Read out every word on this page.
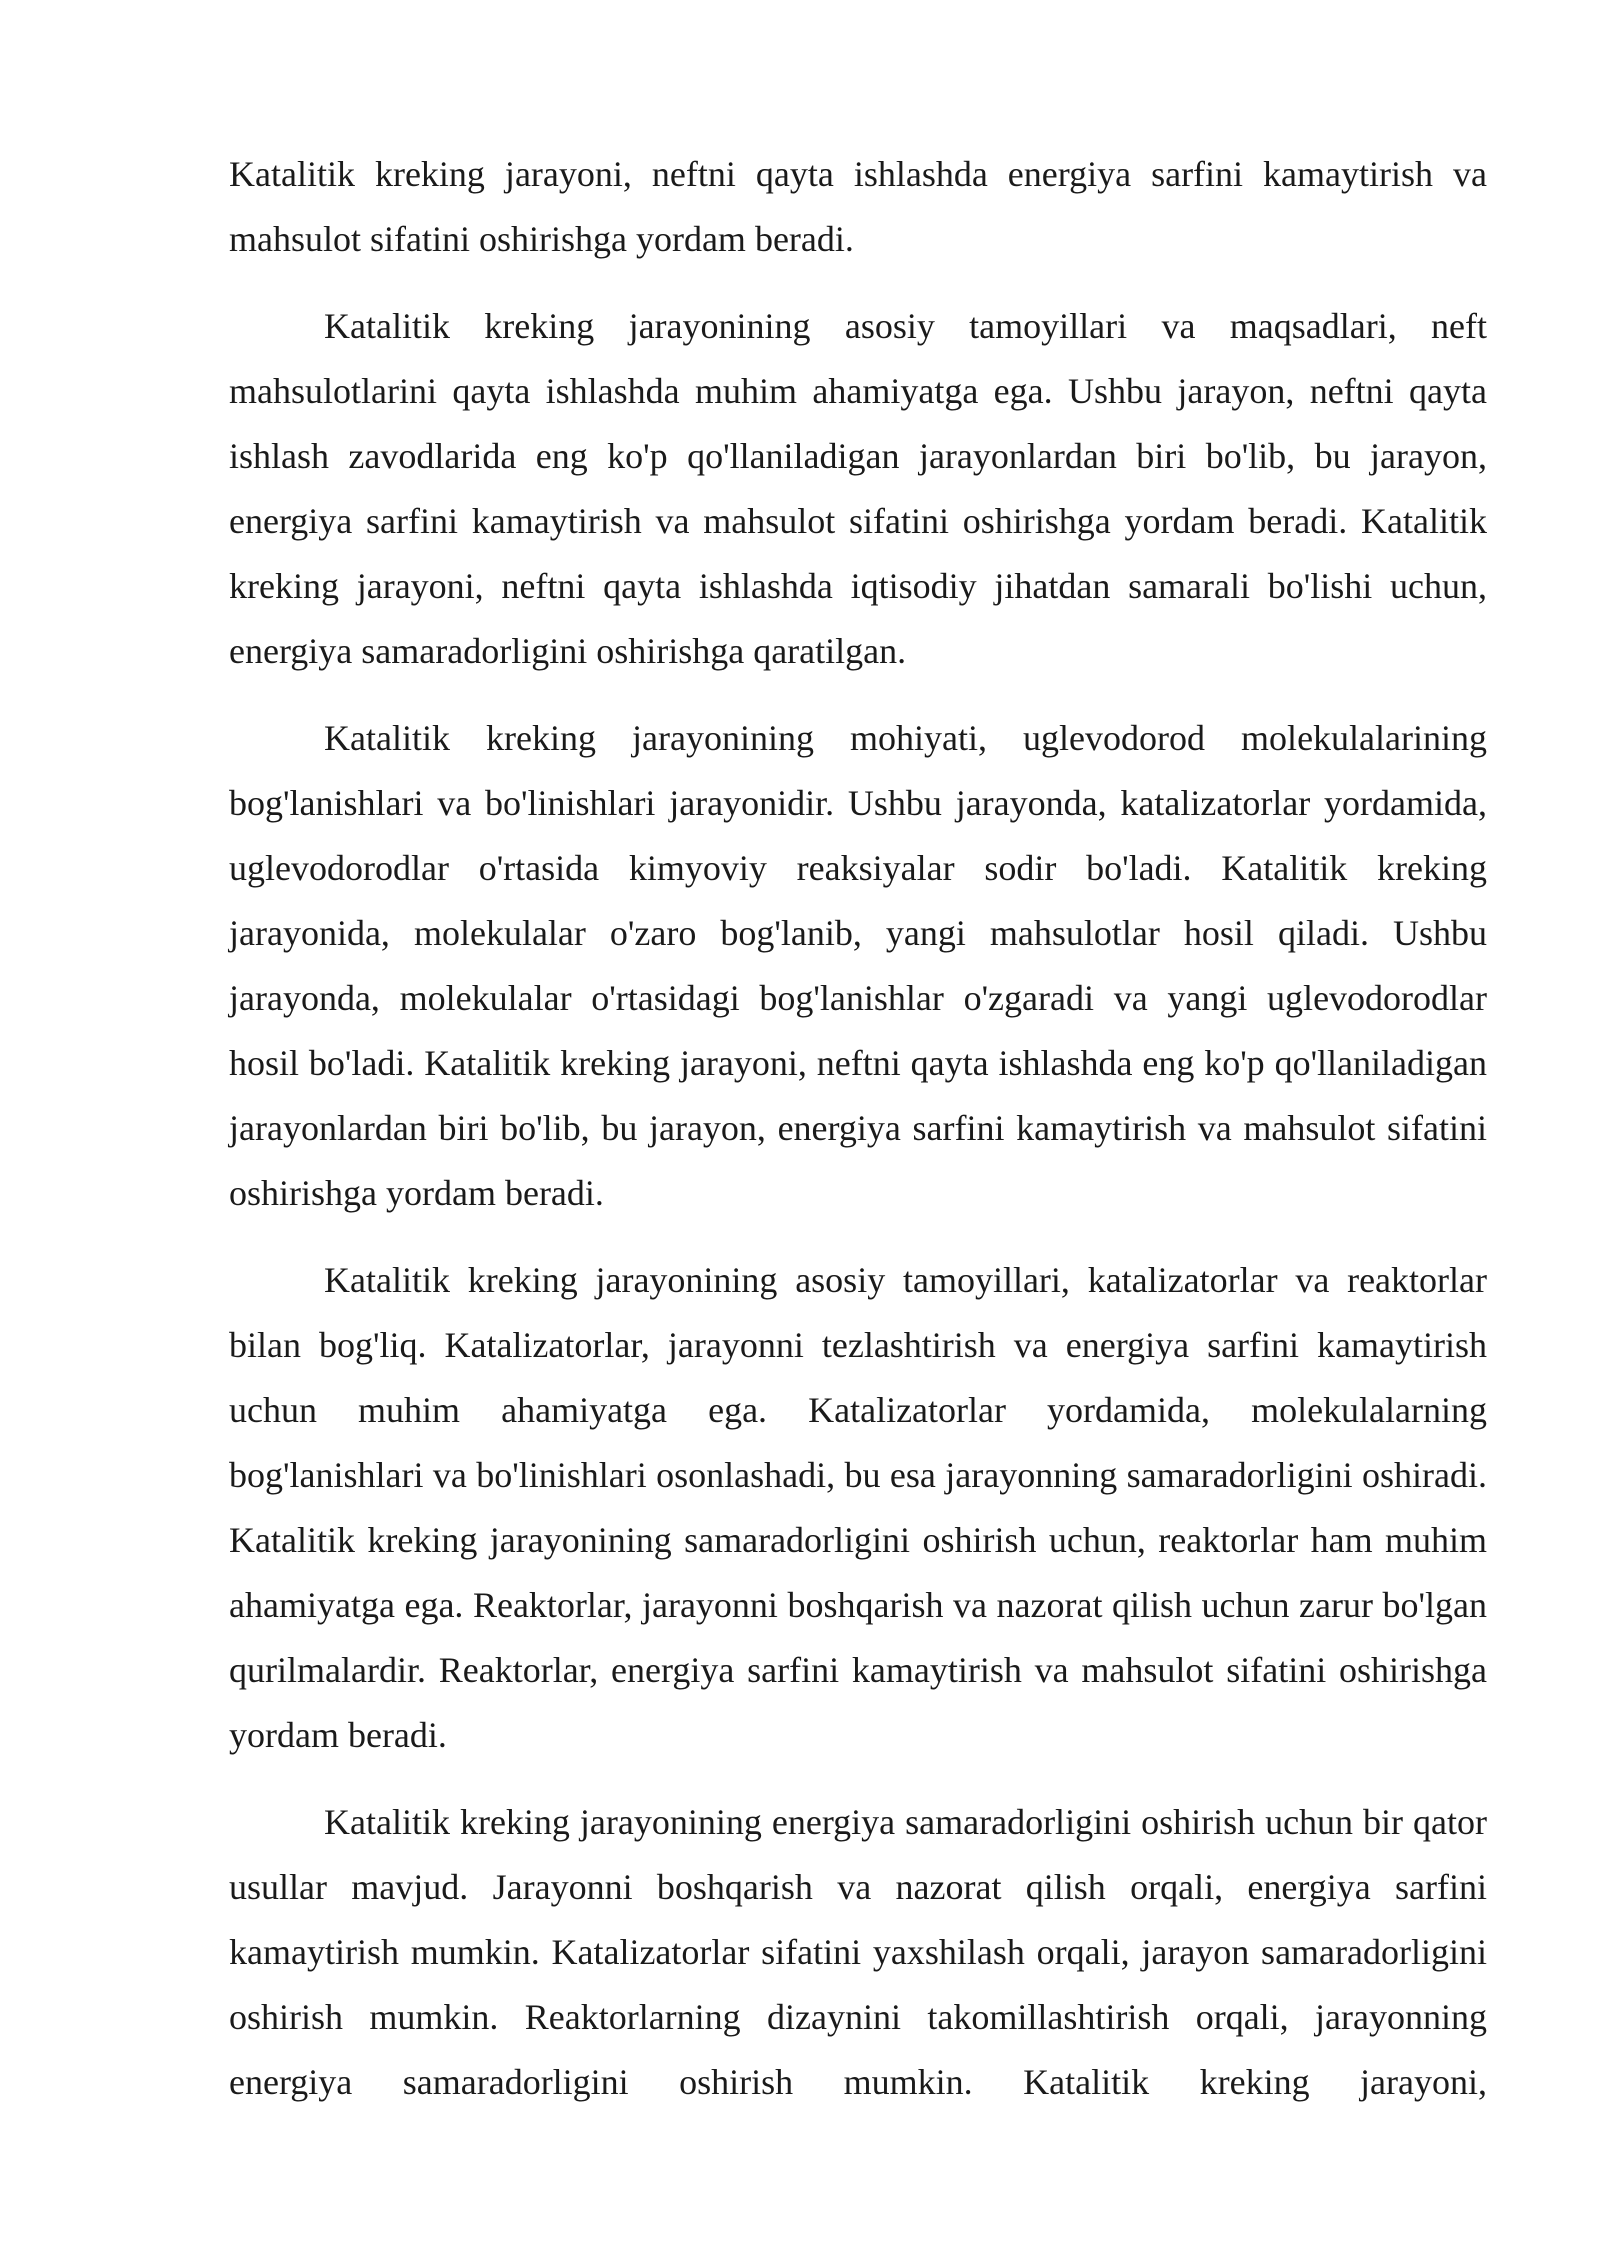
Katalitik kreking jarayoni, neftni qayta ishlashda energiya sarfini kamaytirish va mahsulot sifatini oshirishga yordam beradi.

Katalitik kreking jarayonining asosiy tamoyillari va maqsadlari, neft mahsulotlarini qayta ishlashda muhim ahamiyatga ega. Ushbu jarayon, neftni qayta ishlash zavodlarida eng ko'p qo'llaniladigan jarayonlardan biri bo'lib, bu jarayon, energiya sarfini kamaytirish va mahsulot sifatini oshirishga yordam beradi. Katalitik kreking jarayoni, neftni qayta ishlashda iqtisodiy jihatdan samarali bo'lishi uchun, energiya samaradorligini oshirishga qaratilgan.

Katalitik kreking jarayonining mohiyati, uglevodorod molekulalarining bog'lanishlari va bo'linishlari jarayonidir. Ushbu jarayonda, katalizatorlar yordamida, uglevodorodlar o'rtasida kimyoviy reaksiyalar sodir bo'ladi. Katalitik kreking jarayonida, molekulalar o'zaro bog'lanib, yangi mahsulotlar hosil qiladi. Ushbu jarayonda, molekulalar o'rtasidagi bog'lanishlar o'zgaradi va yangi uglevodorodlar hosil bo'ladi. Katalitik kreking jarayoni, neftni qayta ishlashda eng ko'p qo'llaniladigan jarayonlardan biri bo'lib, bu jarayon, energiya sarfini kamaytirish va mahsulot sifatini oshirishga yordam beradi.

Katalitik kreking jarayonining asosiy tamoyillari, katalizatorlar va reaktorlar bilan bog'liq. Katalizatorlar, jarayonni tezlashtirish va energiya sarfini kamaytirish uchun muhim ahamiyatga ega. Katalizatorlar yordamida, molekulalarning bog'lanishlari va bo'linishlari osonlashadi, bu esa jarayonning samaradorligini oshiradi. Katalitik kreking jarayonining samaradorligini oshirish uchun, reaktorlar ham muhim ahamiyatga ega. Reaktorlar, jarayonni boshqarish va nazorat qilish uchun zarur bo'lgan qurilmalardir. Reaktorlar, energiya sarfini kamaytirish va mahsulot sifatini oshirishga yordam beradi.

Katalitik kreking jarayonining energiya samaradorligini oshirish uchun bir qator usullar mavjud. Jarayonni boshqarish va nazorat qilish orqali, energiya sarfini kamaytirish mumkin. Katalizatorlar sifatini yaxshilash orqali, jarayon samaradorligini oshirish mumkin. Reaktorlarning dizaynini takomillashtirish orqali, jarayonning energiya samaradorligini oshirish mumkin. Katalitik kreking jarayoni,
